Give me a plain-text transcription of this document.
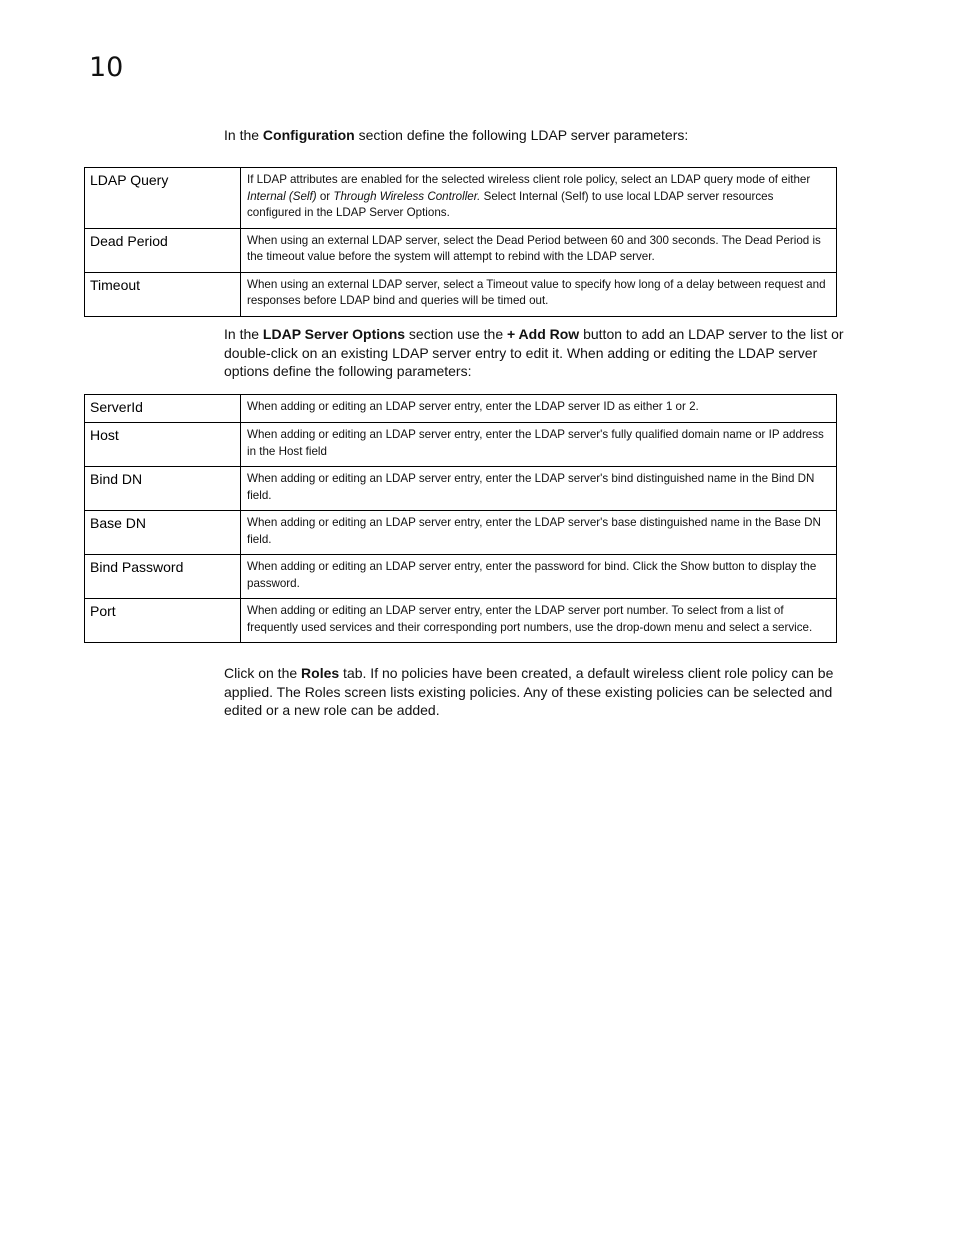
10

In the Configuration section define the following LDAP server parameters:

LDAP Query	If LDAP attributes are enabled for the selected wireless client role policy, select an LDAP query mode of either Internal (Self) or Through Wireless Controller. Select Internal (Self) to use local LDAP server resources configured in the LDAP Server Options.
Dead Period	When using an external LDAP server, select the Dead Period between 60 and 300 seconds. The Dead Period is the timeout value before the system will attempt to rebind with the LDAP server.
Timeout	When using an external LDAP server, select a Timeout value to specify how long of a delay between request and responses before LDAP bind and queries will be timed out.

In the LDAP Server Options section use the + Add Row button to add an LDAP server to the list or double-click on an existing LDAP server entry to edit it. When adding or editing the LDAP server options define the following parameters:

ServerId	When adding or editing an LDAP server entry, enter the LDAP server ID as either 1 or 2.
Host	When adding or editing an LDAP server entry, enter the LDAP server's fully qualified domain name or IP address in the Host field
Bind DN	When adding or editing an LDAP server entry, enter the LDAP server's bind distinguished name in the Bind DN field.
Base DN	When adding or editing an LDAP server entry, enter the LDAP server's base distinguished name in the Base DN field.
Bind Password	When adding or editing an LDAP server entry, enter the password for bind. Click the Show button to display the password.
Port	When adding or editing an LDAP server entry, enter the LDAP server port number. To select from a list of frequently used services and their corresponding port numbers, use the drop-down menu and select a service.

Click on the Roles tab. If no policies have been created, a default wireless client role policy can be applied. The Roles screen lists existing policies. Any of these existing policies can be selected and edited or a new role can be added.
